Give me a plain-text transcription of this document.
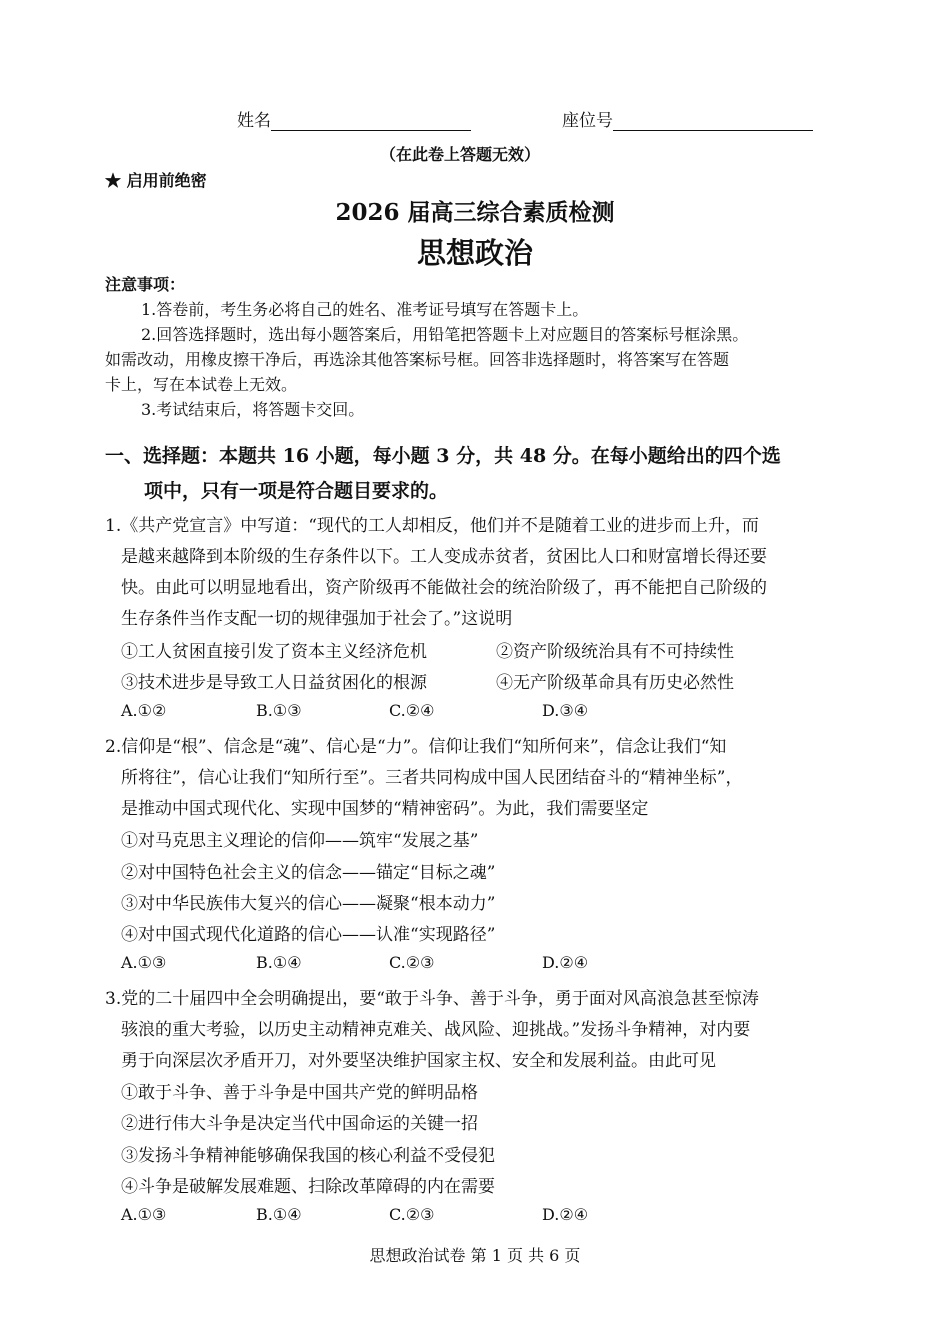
姓名	座位号
（在此卷上答题无效）
★ 启用前绝密
2026 届高三综合素质检测
思想政治
注意事项：
1.答卷前，考生务必将自己的姓名、准考证号填写在答题卡上。
2.回答选择题时，选出每小题答案后，用铅笔把答题卡上对应题目的答案标号框涂黑。
如需改动，用橡皮擦干净后，再选涂其他答案标号框。回答非选择题时，将答案写在答题
卡上，写在本试卷上无效。
3.考试结束后，将答题卡交回。
一、选择题：本题共 16 小题，每小题 3 分，共 48 分。在每小题给出的四个选
项中，只有一项是符合题目要求的。
1.《共产党宣言》中写道：“现代的工人却相反，他们并不是随着工业的进步而上升，而
是越来越降到本阶级的生存条件以下。工人变成赤贫者，贫困比人口和财富增长得还要
快。由此可以明显地看出，资产阶级再不能做社会的统治阶级了，再不能把自己阶级的
生存条件当作支配一切的规律强加于社会了。”这说明
①工人贫困直接引发了资本主义经济危机	②资产阶级统治具有不可持续性
③技术进步是导致工人日益贫困化的根源	④无产阶级革命具有历史必然性
A.①②	B.①③	C.②④	D.③④
2.信仰是“根”、信念是“魂”、信心是“力”。信仰让我们“知所何来”，信念让我们“知
所将往”，信心让我们“知所行至”。三者共同构成中国人民团结奋斗的“精神坐标”，
是推动中国式现代化、实现中国梦的“精神密码”。为此，我们需要坚定
①对马克思主义理论的信仰——筑牢“发展之基”
②对中国特色社会主义的信念——锚定“目标之魂”
③对中华民族伟大复兴的信心——凝聚“根本动力”
④对中国式现代化道路的信心——认准“实现路径”
A.①③	B.①④	C.②③	D.②④
3.党的二十届四中全会明确提出，要“敢于斗争、善于斗争，勇于面对风高浪急甚至惊涛
骇浪的重大考验，以历史主动精神克难关、战风险、迎挑战。”发扬斗争精神，对内要
勇于向深层次矛盾开刀，对外要坚决维护国家主权、安全和发展利益。由此可见
①敢于斗争、善于斗争是中国共产党的鲜明品格
②进行伟大斗争是决定当代中国命运的关键一招
③发扬斗争精神能够确保我国的核心利益不受侵犯
④斗争是破解发展难题、扫除改革障碍的内在需要
A.①③	B.①④	C.②③	D.②④
思想政治试卷 第 1 页 共 6 页
